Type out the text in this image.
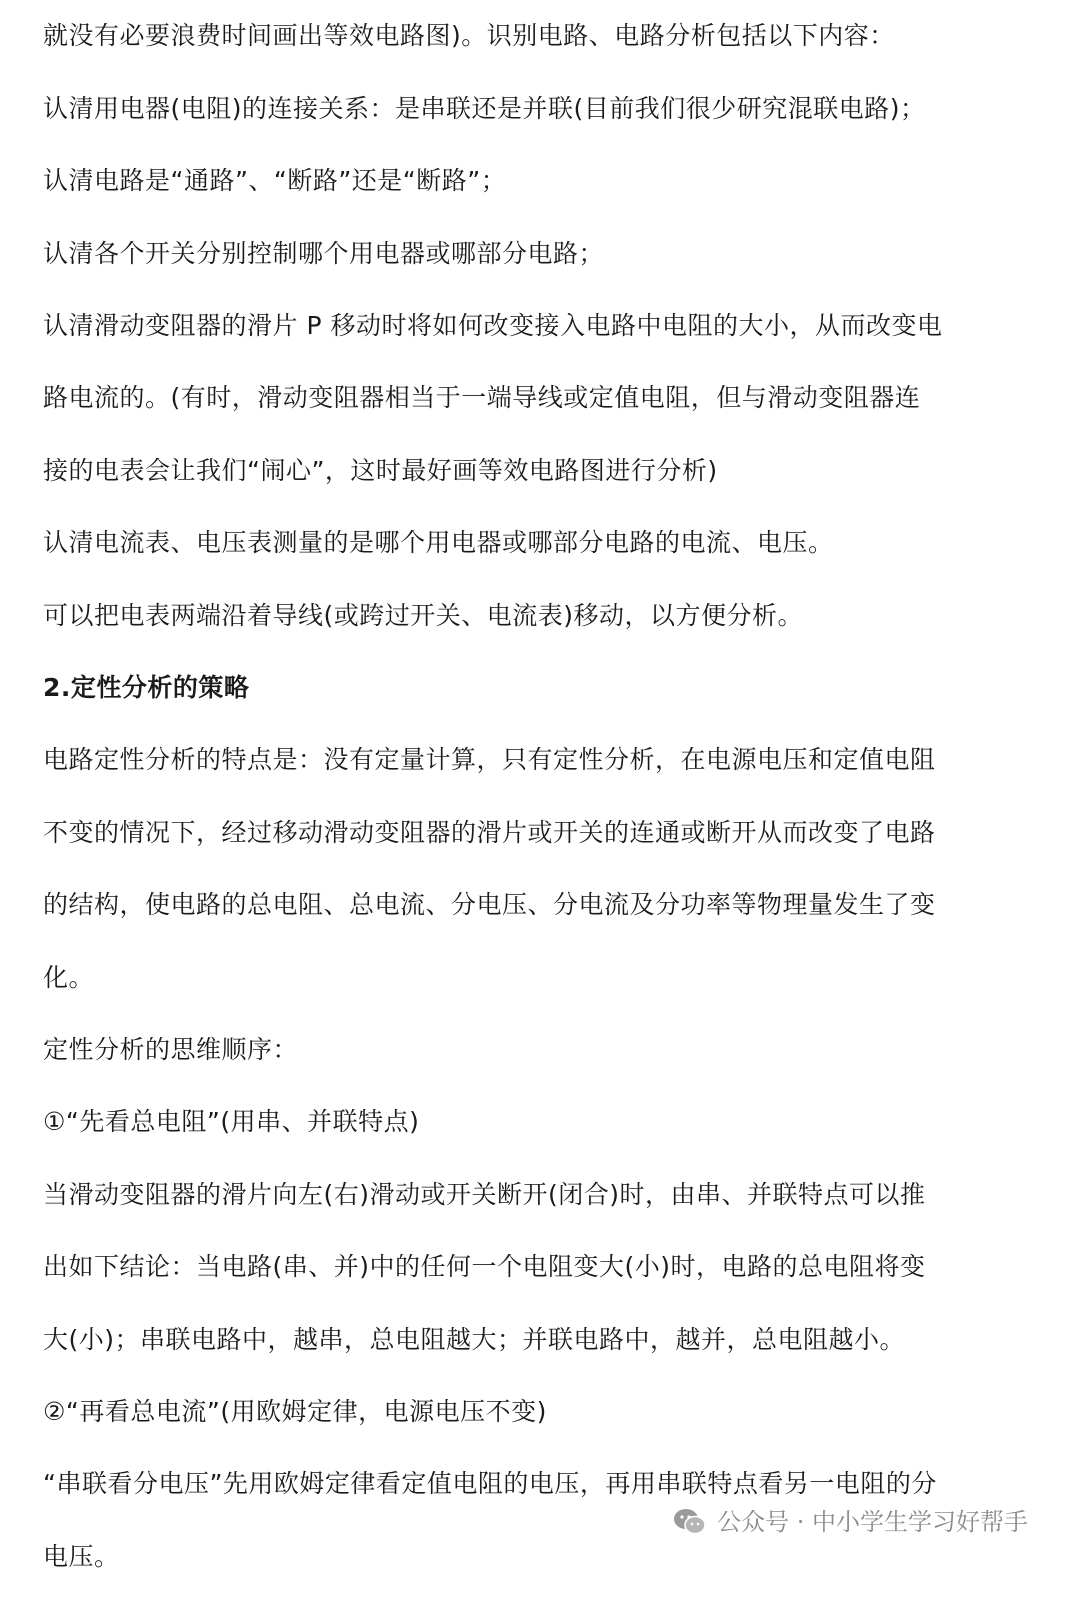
就没有必要浪费时间画出等效电路图)。识别电路、电路分析包括以下内容：
认清用电器(电阻)的连接关系：是串联还是并联(目前我们很少研究混联电路)；
认清电路是“通路”、“断路”还是“断路”；
认清各个开关分别控制哪个用电器或哪部分电路；
认清滑动变阻器的滑片 P 移动时将如何改变接入电路中电阻的大小，从而改变电
路电流的。(有时，滑动变阻器相当于一端导线或定值电阻，但与滑动变阻器连
接的电表会让我们“闹心”，这时最好画等效电路图进行分析)
认清电流表、电压表测量的是哪个用电器或哪部分电路的电流、电压。
可以把电表两端沿着导线(或跨过开关、电流表)移动，以方便分析。
2.定性分析的策略
电路定性分析的特点是：没有定量计算，只有定性分析，在电源电压和定值电阻
不变的情况下，经过移动滑动变阻器的滑片或开关的连通或断开从而改变了电路
的结构，使电路的总电阻、总电流、分电压、分电流及分功率等物理量发生了变
化。
定性分析的思维顺序：
①“先看总电阻”(用串、并联特点)
当滑动变阻器的滑片向左(右)滑动或开关断开(闭合)时，由串、并联特点可以推
出如下结论：当电路(串、并)中的任何一个电阻变大(小)时，电路的总电阻将变
大(小)；串联电路中，越串，总电阻越大；并联电路中，越并，总电阻越小。
②“再看总电流”(用欧姆定律，电源电压不变)
“串联看分电压”先用欧姆定律看定值电阻的电压，再用串联特点看另一电阻的分
电压。
公众号 · 中小学生学习好帮手
